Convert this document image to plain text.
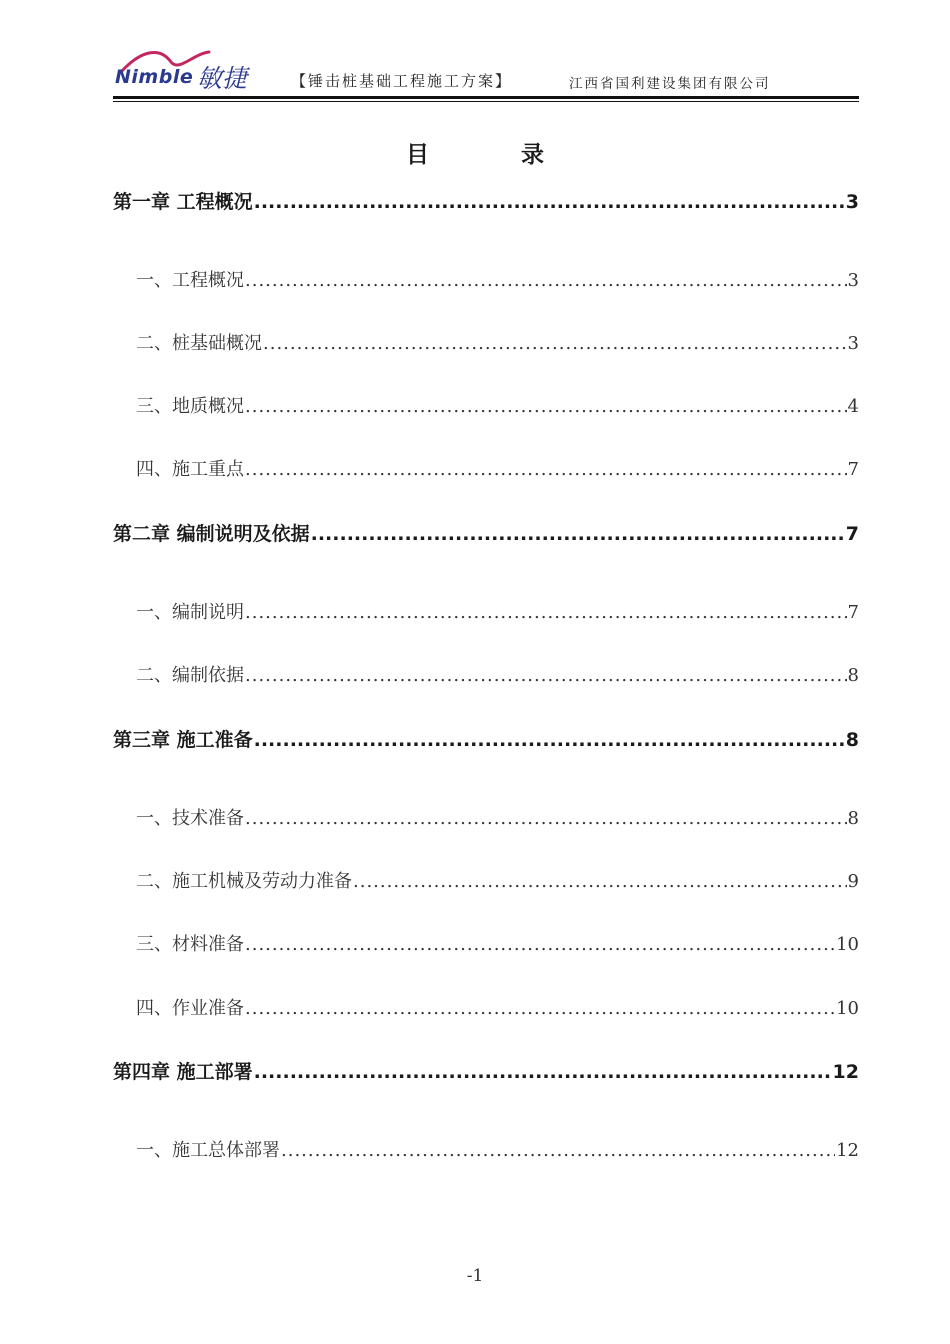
Nimble 敏捷	【锤击桩基础工程施工方案】	江西省国利建设集团有限公司
目	录
第一章 工程概况 .....	3
一、工程概况 .....	3
二、桩基础概况 .....	3
三、地质概况 .....	4
四、施工重点 .....	7
第二章 编制说明及依据 .....	7
一、编制说明 .....	7
二、编制依据 .....	8
第三章 施工准备 .....	8
一、技术准备 .....	8
二、施工机械及劳动力准备 .....	9
三、材料准备 .....	10
四、作业准备 .....	10
第四章 施工部署 .....	12
一、施工总体部署 .....	12
-1
